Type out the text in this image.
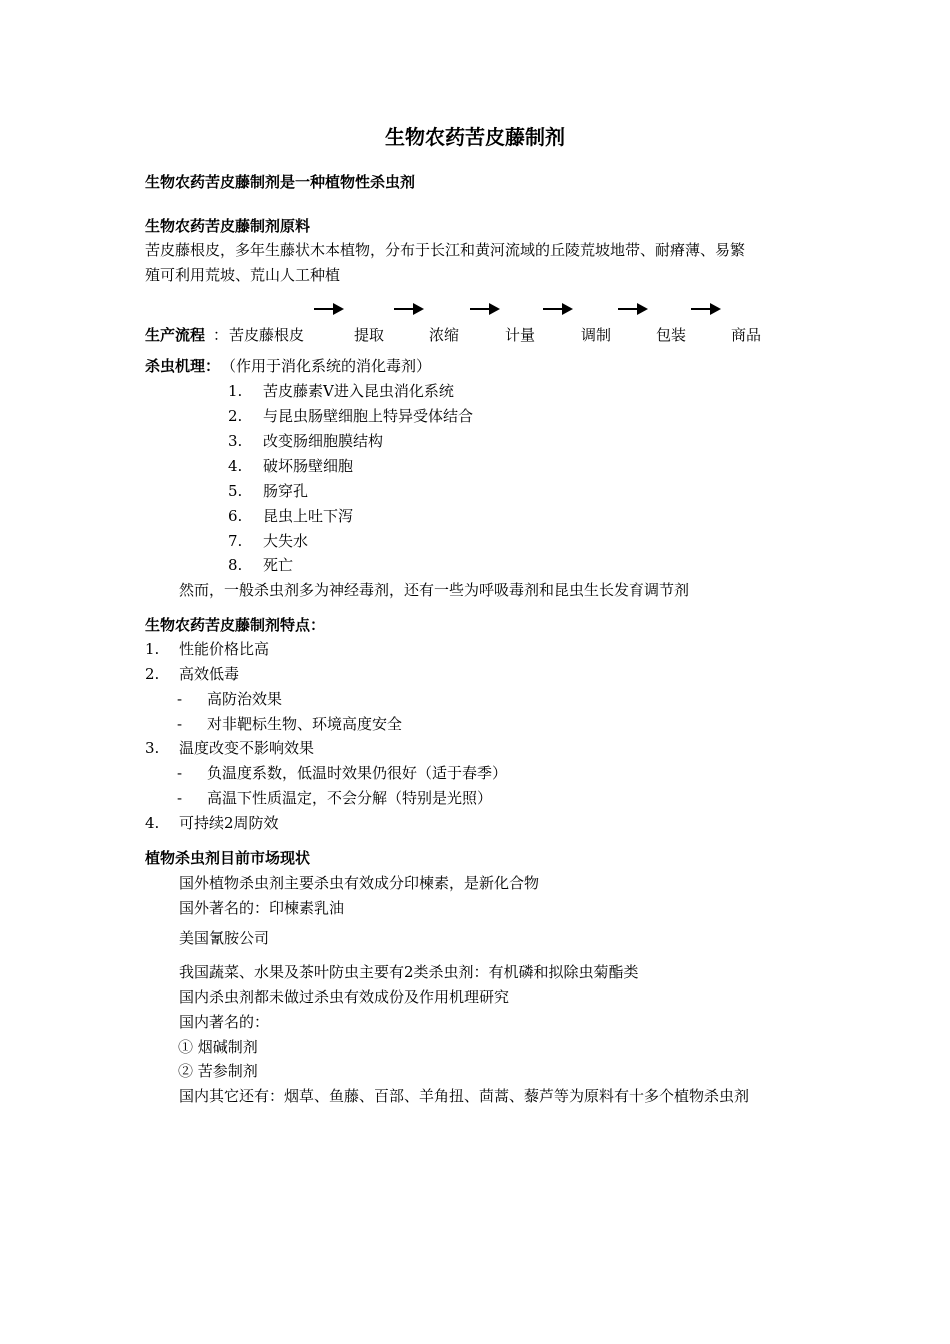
生物农药苦皮藤制剂
生物农药苦皮藤制剂是一种植物性杀虫剂
生物农药苦皮藤制剂原料
苦皮藤根皮，多年生藤状木本植物，分布于长江和黄河流域的丘陵荒坡地带、耐瘠薄、易繁
殖可利用荒坡、荒山人工种植
生产流程 ： 苦皮藤根皮	提取	浓缩	计量	调制	包装	商品
杀虫机理： （作用于消化系统的消化毒剂）
1. 苦皮藤素Ⅴ进入昆虫消化系统
2. 与昆虫肠壁细胞上特异受体结合
3. 改变肠细胞膜结构
4. 破坏肠壁细胞
5. 肠穿孔
6. 昆虫上吐下泻
7. 大失水
8. 死亡
然而，一般杀虫剂多为神经毒剂，还有一些为呼吸毒剂和昆虫生长发育调节剂
生物农药苦皮藤制剂特点：
1. 性能价格比高
2. 高效低毒
- 高防治效果
- 对非靶标生物、环境高度安全
3. 温度改变不影响效果
- 负温度系数，低温时效果仍很好（适于春季）
- 高温下性质温定，不会分解（特别是光照）
4. 可持续2周防效
植物杀虫剂目前市场现状
国外植物杀虫剂主要杀虫有效成分印楝素，是新化合物
国外著名的：印楝素乳油
美国氰胺公司
我国蔬菜、水果及茶叶防虫主要有2类杀虫剂：有机磷和拟除虫菊酯类
国内杀虫剂都未做过杀虫有效成份及作用机理研究
国内著名的：
① 烟碱制剂
② 苦参制剂
国内其它还有：烟草、鱼藤、百部、羊角扭、茴蒿、藜芦等为原料有十多个植物杀虫剂
